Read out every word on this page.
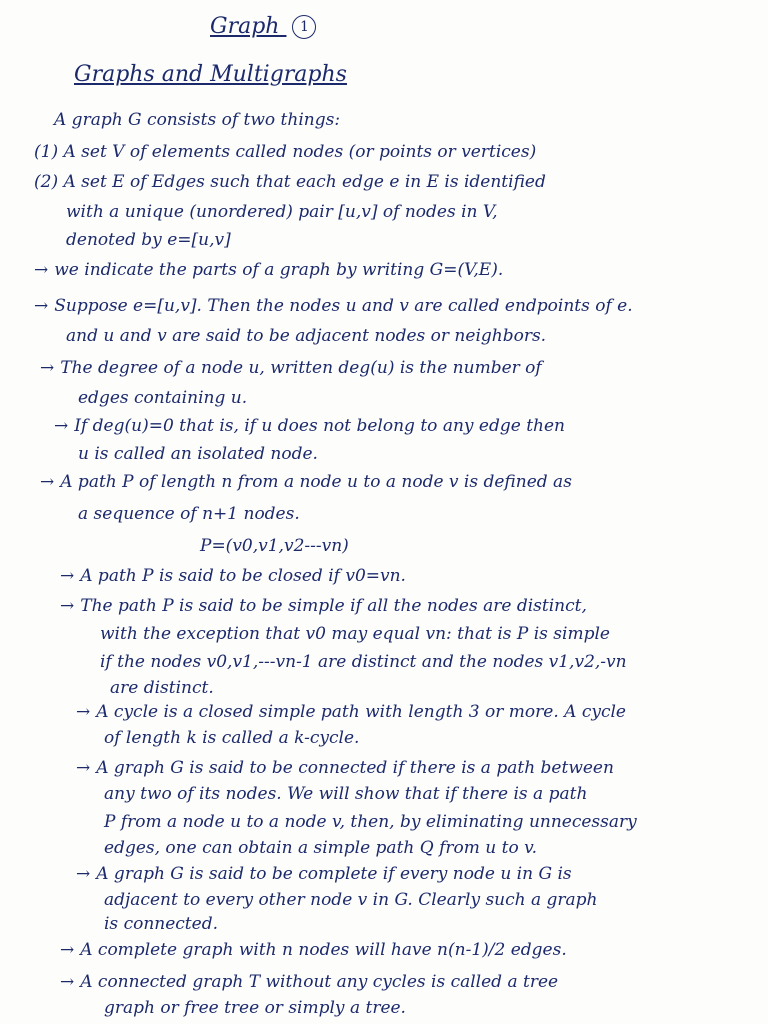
Graph 1
Graphs and Multigraphs
A graph G consists of two things:
(1) A set V of elements called nodes (or points or vertices)
(2) A set E of Edges such that each edge e in E is identified
with a unique (unordered) pair [u,v] of nodes in V,
denoted by e=[u,v]
→ we indicate the parts of a graph by writing G=(V,E).
→ Suppose e=[u,v]. Then the nodes u and v are called endpoints of e.
and u and v are said to be adjacent nodes or neighbors.
→ The degree of a node u, written deg(u) is the number of
edges containing u.
→ If deg(u)=0 that is, if u does not belong to any edge then
u is called an isolated node.
→ A path P of length n from a node u to a node v is defined as
a sequence of n+1 nodes.
P=(v0,v1,v2---vn)
→ A path P is said to be closed if v0=vn.
→ The path P is said to be simple if all the nodes are distinct,
with the exception that v0 may equal vn: that is P is simple
if the nodes v0,v1,---vn-1 are distinct and the nodes v1,v2,-vn
are distinct.
→ A cycle is a closed simple path with length 3 or more. A cycle
of length k is called a k-cycle.
→ A graph G is said to be connected if there is a path between
any two of its nodes. We will show that if there is a path
P from a node u to a node v, then, by eliminating unnecessary
edges, one can obtain a simple path Q from u to v.
→ A graph G is said to be complete if every node u in G is
adjacent to every other node v in G. Clearly such a graph
is connected.
→ A complete graph with n nodes will have n(n-1)/2 edges.
→ A connected graph T without any cycles is called a tree
graph or free tree or simply a tree.
